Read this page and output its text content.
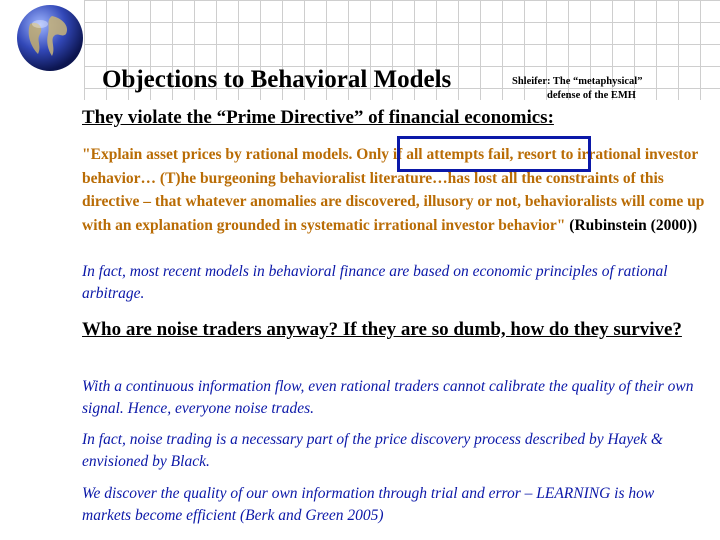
Objections to Behavioral Models	Shleifer: The “metaphysical”
defense of the EMH
They violate the “Prime Directive” of financial economics:
"Explain asset prices by rational models. Only if all attempts fail, resort to irrational investor behavior… (T)he burgeoning behavioralist literature…has lost all the constraints of this directive – that whatever anomalies are discovered, illusory or not, behavioralists will come up with an explanation grounded in systematic irrational investor behavior" (Rubinstein (2000))
In fact, most recent models in behavioral finance are based on economic principles of rational arbitrage.
Who are noise traders anyway? If they are so dumb, how do they survive?
With a continuous information flow, even rational traders cannot calibrate the quality of their own signal. Hence, everyone noise trades.
In fact, noise trading is a necessary part of the price discovery process described by Hayek & envisioned by Black.
We discover the quality of our own information through trial and error – LEARNING is how markets become efficient (Berk and Green 2005)
